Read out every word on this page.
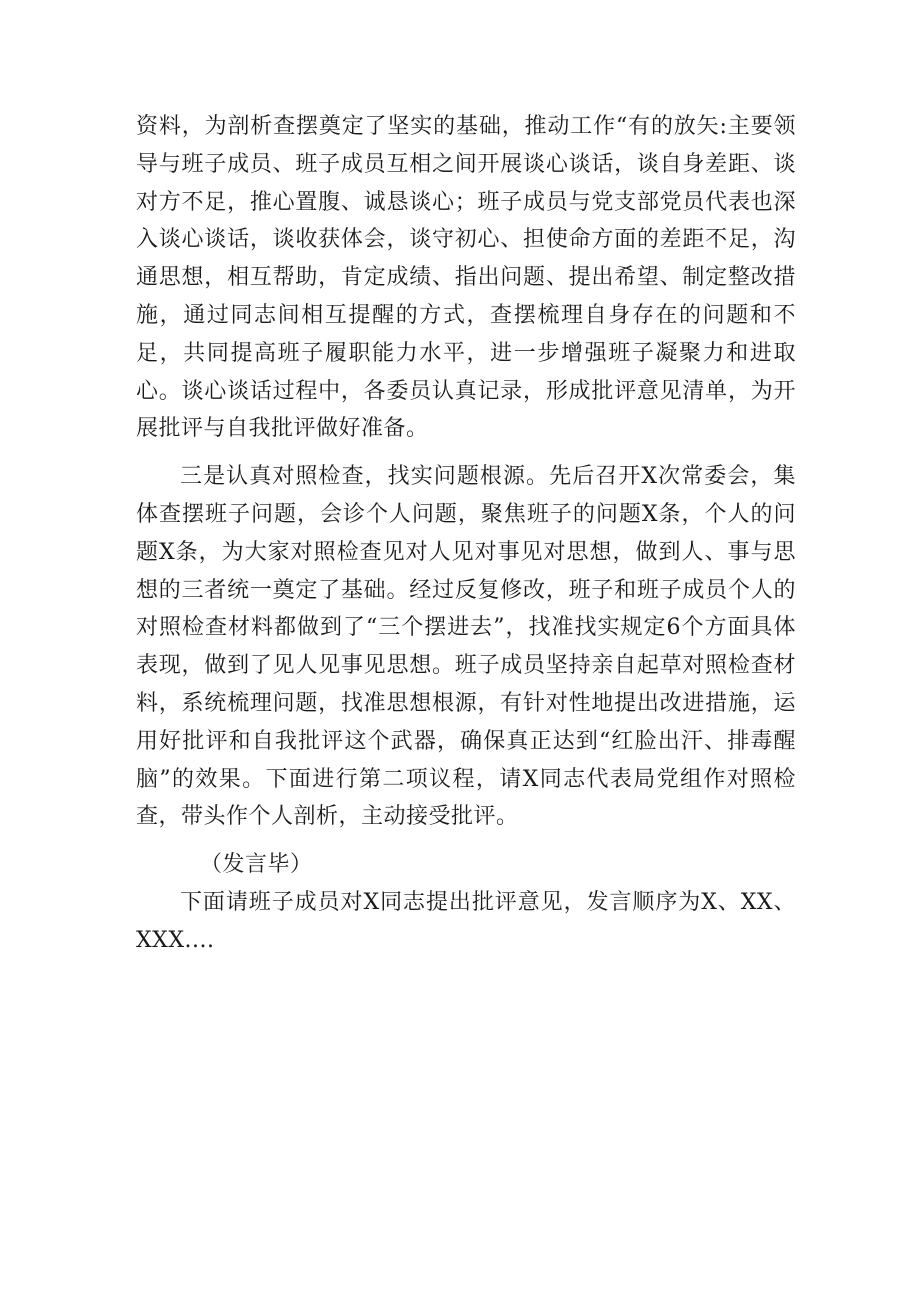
资料，为剖析查摆奠定了坚实的基础，推动工作“有的放矢:主要领导与班子成员、班子成员互相之间开展谈心谈话，谈自身差距、谈对方不足，推心置腹、诚恳谈心；班子成员与党支部党员代表也深入谈心谈话，谈收获体会，谈守初心、担使命方面的差距不足，沟通思想，相互帮助，肯定成绩、指出问题、提出希望、制定整改措施，通过同志间相互提醒的方式，查摆梳理自身存在的问题和不足，共同提高班子履职能力水平，进一步增强班子凝聚力和进取心。谈心谈话过程中，各委员认真记录，形成批评意见清单，为开展批评与自我批评做好准备。

三是认真对照检查，找实问题根源。先后召开X次常委会，集体查摆班子问题，会诊个人问题，聚焦班子的问题X条，个人的问题X条，为大家对照检查见对人见对事见对思想，做到人、事与思想的三者统一奠定了基础。经过反复修改，班子和班子成员个人的对照检查材料都做到了“三个摆进去”，找准找实规定6个方面具体表现，做到了见人见事见思想。班子成员坚持亲自起草对照检查材料，系统梳理问题，找准思想根源，有针对性地提出改进措施，运用好批评和自我批评这个武器，确保真正达到“红脸出汗、排毒醒脑”的效果。下面进行第二项议程，请X同志代表局党组作对照检查，带头作个人剖析，主动接受批评。

（发言毕）

下面请班子成员对X同志提出批评意见，发言顺序为X、XX、XXX....
